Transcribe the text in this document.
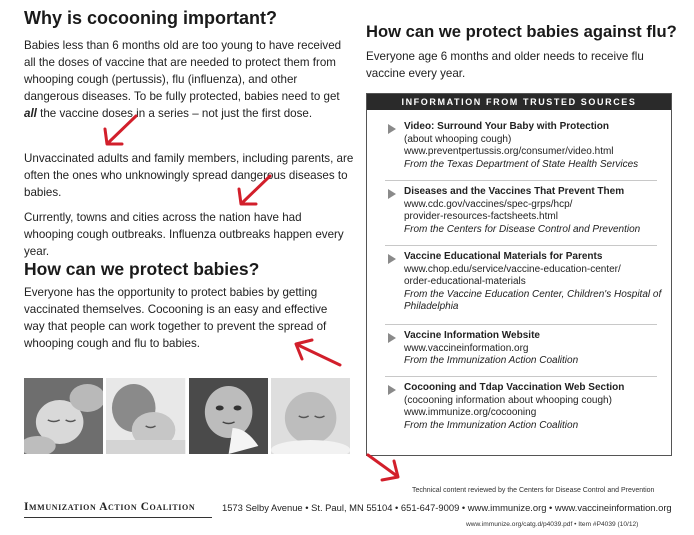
Why is cocooning important?

Babies less than 6 months old are too young to have received all the doses of vaccine that are needed to protect them from whooping cough (pertussis), flu (influenza), and other dangerous diseases. To be fully protected, babies need to get all the vaccine doses in a series – not just the first dose.

Unvaccinated adults and family members, including parents, are often the ones who unknowingly spread dangerous diseases to babies.

Currently, towns and cities across the nation have had whooping cough outbreaks. Influenza outbreaks happen every year.

How can we protect babies?

Everyone has the opportunity to protect babies by getting vaccinated themselves. Cocooning is an easy and effective way that people can work together to prevent the spread of whooping cough and flu to babies.

How can we protect babies against flu?

Everyone age 6 months and older needs to receive flu vaccine every year.

INFORMATION FROM TRUSTED SOURCES
Video: Surround Your Baby with Protection
(about whooping cough)
www.preventpertussis.org/consumer/video.html
From the Texas Department of State Health Services
Diseases and the Vaccines That Prevent Them
www.cdc.gov/vaccines/spec-grps/hcp/
provider-resources-factsheets.html
From the Centers for Disease Control and Prevention
Vaccine Educational Materials for Parents
www.chop.edu/service/vaccine-education-center/
order-educational-materials
From the Vaccine Education Center, Children's Hospital of Philadelphia
Vaccine Information Website
www.vaccineinformation.org
From the Immunization Action Coalition
Cocooning and Tdap Vaccination Web Section
(cocooning information about whooping cough)
www.immunize.org/cocooning
From the Immunization Action Coalition
Technical content reviewed by the Centers for Disease Control and Prevention
Immunization Action Coalition	1573 Selby Avenue • St. Paul, MN 55104 • 651-647-9009 • www.immunize.org • www.vaccineinformation.org
www.immunize.org/catg.d/p4039.pdf • Item #P4039 (10/12)
